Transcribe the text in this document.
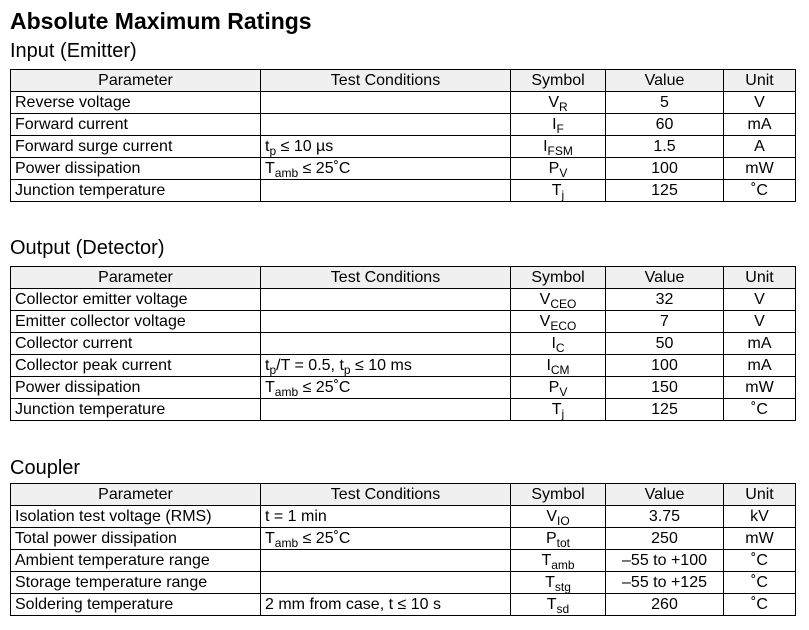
Absolute Maximum Ratings
Input (Emitter)
Parameter	Test Conditions	Symbol	Value	Unit
Reverse voltage		$V_R$	5	V
Forward current		$I_F$	60	mA
Forward surge current	$t_p \le 10$ µs	$I_{FSM}$	1.5	A
Power dissipation	$T_{amb}$ ≤ 25˚C	$P_V$	100	mW
Junction temperature		$T_j$	125	˚C
Output (Detector)
Parameter	Test Conditions	Symbol	Value	Unit
Collector emitter voltage		$V_{CEO}$	32	V
Emitter collector voltage		$V_{ECO}$	7	V
Collector current		$I_C$	50	mA
Collector peak current	$t_p/T = 0.5$, $t_p \le 10$ ms	$I_{CM}$	100	mA
Power dissipation	$T_{amb}$ ≤ 25˚C	$P_V$	150	mW
Junction temperature		$T_j$	125	˚C
Coupler
Parameter	Test Conditions	Symbol	Value	Unit
Isolation test voltage (RMS)	t = 1 min	$V_{IO}$	3.75	kV
Total power dissipation	$T_{amb}$ ≤ 25˚C	$P_{tot}$	250	mW
Ambient temperature range		$T_{amb}$	–55 to +100	˚C
Storage temperature range		$T_{stg}$	–55 to +125	˚C
Soldering temperature	2 mm from case, t ≤ 10 s	$T_{sd}$	260	˚C
